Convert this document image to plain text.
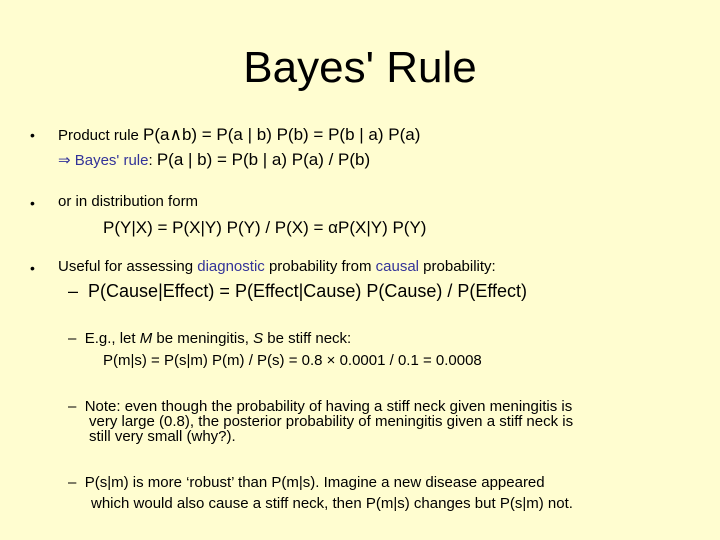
Bayes' Rule
• Product rule P(a∧b) = P(a | b) P(b) = P(b | a) P(a)
⇒ Bayes' rule: P(a | b) = P(b | a) P(a) / P(b)
• or in distribution form
P(Y|X) = P(X|Y) P(Y) / P(X) = αP(X|Y) P(Y)
• Useful for assessing diagnostic probability from causal probability:
– P(Cause|Effect) = P(Effect|Cause) P(Cause) / P(Effect)
– E.g., let M be meningitis, S be stiff neck:
P(m|s) = P(s|m) P(m) / P(s) = 0.8 × 0.0001 / 0.1 = 0.0008
– Note: even though the probability of having a stiff neck given meningitis is
very large (0.8), the posterior probability of meningitis given a stiff neck is
still very small (why?).
– P(s|m) is more ‘robust’ than P(m|s). Imagine a new disease appeared
which would also cause a stiff neck, then P(m|s) changes but P(s|m) not.
